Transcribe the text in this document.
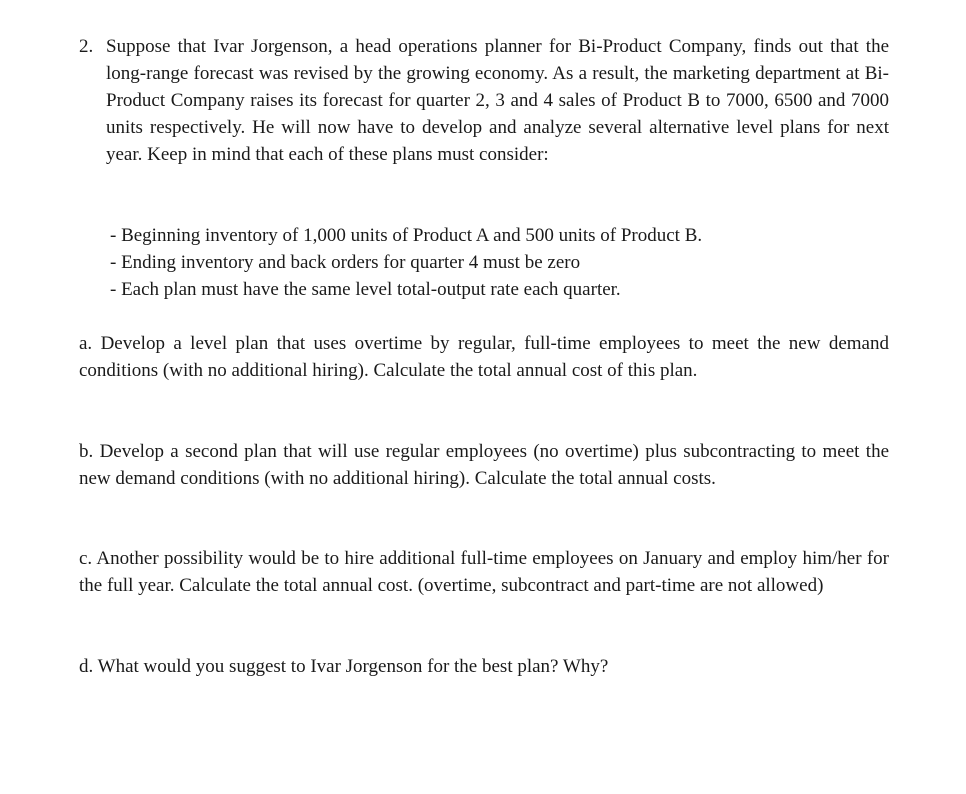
2. Suppose that Ivar Jorgenson, a head operations planner for Bi-Product Company, finds out that the long-range forecast was revised by the growing economy. As a result, the marketing department at Bi-Product Company raises its forecast for quarter 2, 3 and 4 sales of Product B to 7000, 6500 and 7000 units respectively. He will now have to develop and analyze several alternative level plans for next year. Keep in mind that each of these plans must consider:

- Beginning inventory of 1,000 units of Product A and 500 units of Product B.
- Ending inventory and back orders for quarter 4 must be zero
- Each plan must have the same level total-output rate each quarter.

a. Develop a level plan that uses overtime by regular, full-time employees to meet the new demand conditions (with no additional hiring). Calculate the total annual cost of this plan.

b. Develop a second plan that will use regular employees (no overtime) plus subcontracting to meet the new demand conditions (with no additional hiring). Calculate the total annual costs.

c. Another possibility would be to hire additional full-time employees on January and employ him/her for the full year. Calculate the total annual cost. (overtime, subcontract and part-time are not allowed)

d. What would you suggest to Ivar Jorgenson for the best plan? Why?
